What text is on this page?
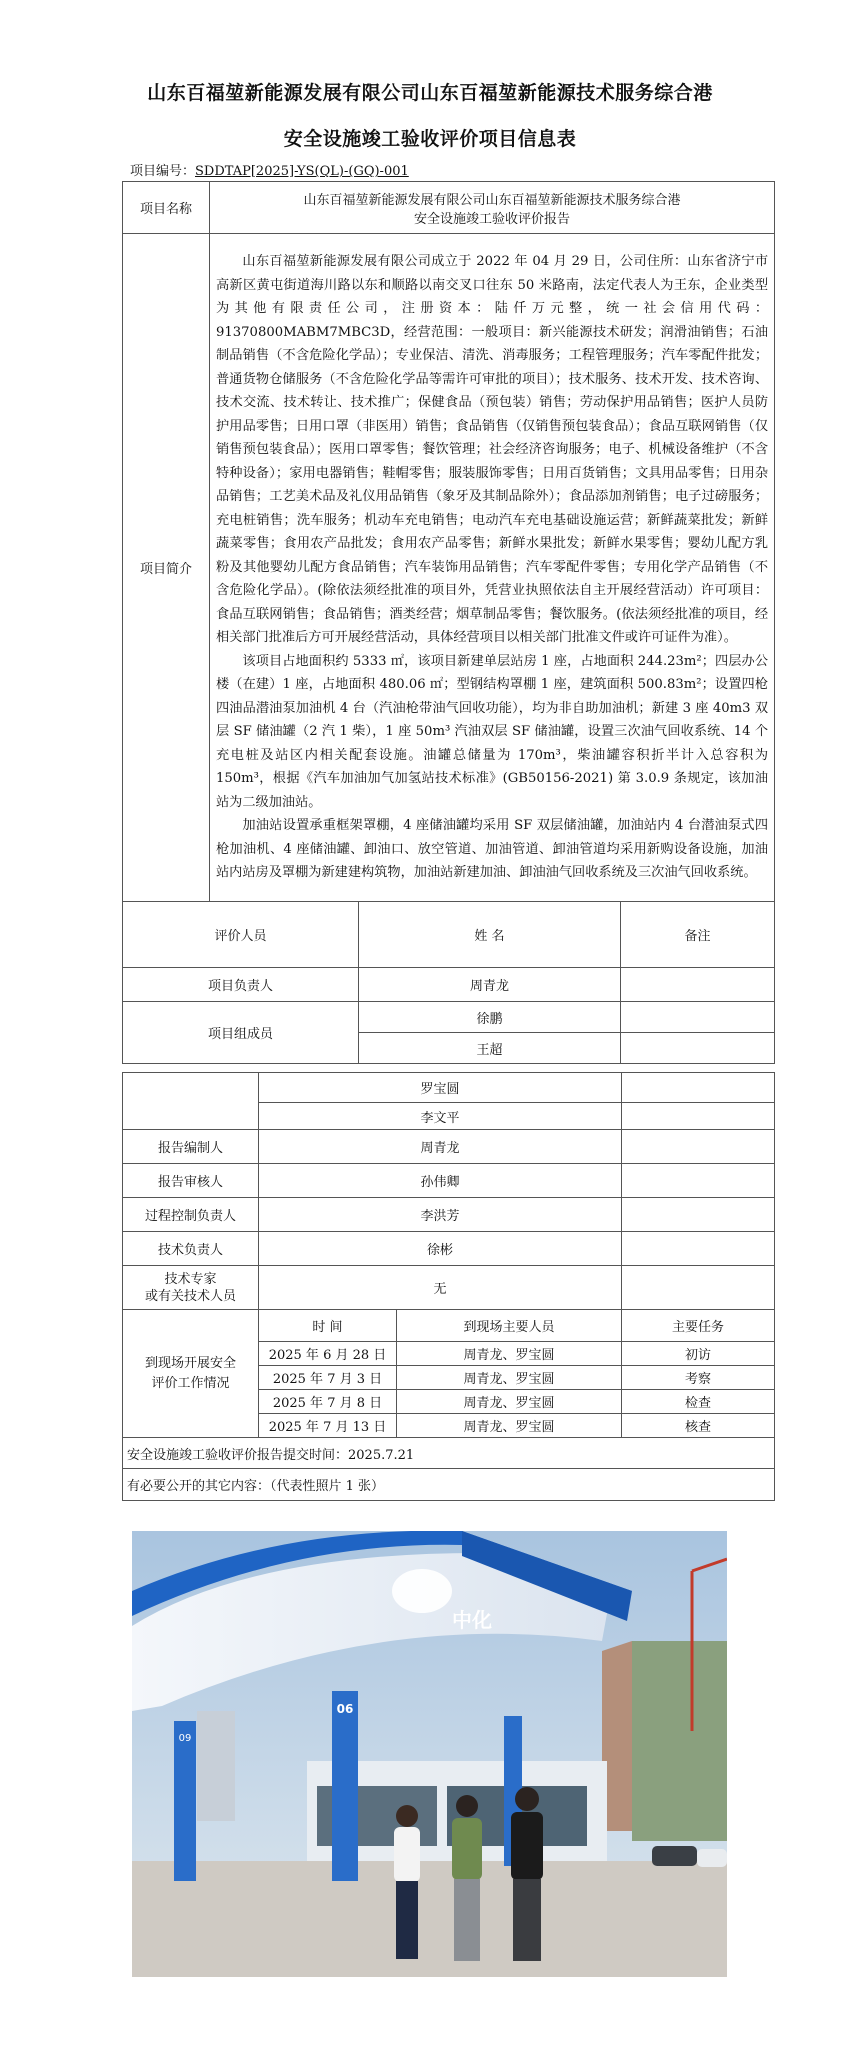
山东百福堃新能源发展有限公司山东百福堃新能源技术服务综合港
安全设施竣工验收评价项目信息表
项目编号：SDDTAP[2025]-YS(QL)-(GQ)-001
项目名称	山东百福堃新能源发展有限公司山东百福堃新能源技术服务综合港
安全设施竣工验收评价报告		

项目简介	山东百福堃新能源发展有限公司成立于 2022 年 04 月 29 日，公司住所：山东省济宁市高新区黄屯街道海川路以东和顺路以南交叉口往东 50 米路南，法定代表人为王东，企业类型为其他有限责任公司，注册资本：陆仟万元整，统一社会信用代码：91370800MABM7MBC3D，经营范围：一般项目：新兴能源技术研发；润滑油销售；石油制品销售（不含危险化学品）；专业保洁、清洗、消毒服务；工程管理服务；汽车零配件批发；普通货物仓储服务（不含危险化学品等需许可审批的项目）；技术服务、技术开发、技术咨询、技术交流、技术转让、技术推广；保健食品（预包装）销售；劳动保护用品销售；医护人员防护用品零售；日用口罩（非医用）销售；食品销售（仅销售预包装食品）；食品互联网销售（仅销售预包装食品）；医用口罩零售；餐饮管理；社会经济咨询服务；电子、机械设备维护（不含特种设备）；家用电器销售；鞋帽零售；服装服饰零售；日用百货销售；文具用品零售；日用杂品销售；工艺美术品及礼仪用品销售（象牙及其制品除外）；食品添加剂销售；电子过磅服务；充电桩销售；洗车服务；机动车充电销售；电动汽车充电基础设施运营；新鲜蔬菜批发；新鲜蔬菜零售；食用农产品批发；食用农产品零售；新鲜水果批发；新鲜水果零售；婴幼儿配方乳粉及其他婴幼儿配方食品销售；汽车装饰用品销售；汽车零配件零售；专用化学产品销售（不含危险化学品）。(除依法须经批准的项目外，凭营业执照依法自主开展经营活动）许可项目：食品互联网销售；食品销售；酒类经营；烟草制品零售；餐饮服务。(依法须经批准的项目，经相关部门批准后方可开展经营活动，具体经营项目以相关部门批准文件或许可证件为准）。

该项目占地面积约 5333 ㎡，该项目新建单层站房 1 座，占地面积 244.23m²；四层办公楼（在建）1 座，占地面积 480.06 ㎡；型钢结构罩棚 1 座，建筑面积 500.83m²；设置四枪四油品潜油泵加油机 4 台（汽油枪带油气回收功能），均为非自助加油机；新建 3 座 40m3 双层 SF 储油罐（2 汽 1 柴），1 座 50m³ 汽油双层 SF 储油罐，设置三次油气回收系统、14 个充电桩及站区内相关配套设施。油罐总储量为 170m³，柴油罐容积折半计入总容积为 150m³，根据《汽车加油加气加氢站技术标准》(GB50156-2021) 第 3.0.9 条规定，该加油站为二级加油站。

加油站设置承重框架罩棚，4 座储油罐均采用 SF 双层储油罐，加油站内 4 台潜油泵式四枪加油机、4 座储油罐、卸油口、放空管道、加油管道、卸油管道均采用新购设备设施，加油站内站房及罩棚为新建建构筑物，加油站新建加油、卸油油气回收系统及三次油气回收系统。		

评价人员		姓 名	备注
项目负责人		周青龙	
项目组成员		徐鹏	
		王超	
	罗宝圆		
	李文平		
报告编制人	周青龙		
报告审核人	孙伟卿		
过程控制负责人	李洪芳		
技术负责人	徐彬		

技术专家
或有关技术人员	无		

到现场开展安全
评价工作情况	时 间	到现场主要人员	主要任务
	2025 年 6 月 28 日	周青龙、罗宝圆	初访
	2025 年 7 月 3 日	周青龙、罗宝圆	考察
	2025 年 7 月 8 日	周青龙、罗宝圆	检查
	2025 年 7 月 13 日	周青龙、罗宝圆	核查
安全设施竣工验收评价报告提交时间：2025.7.21			
有必要公开的其它内容：（代表性照片 1 张）			
06
09
中化
